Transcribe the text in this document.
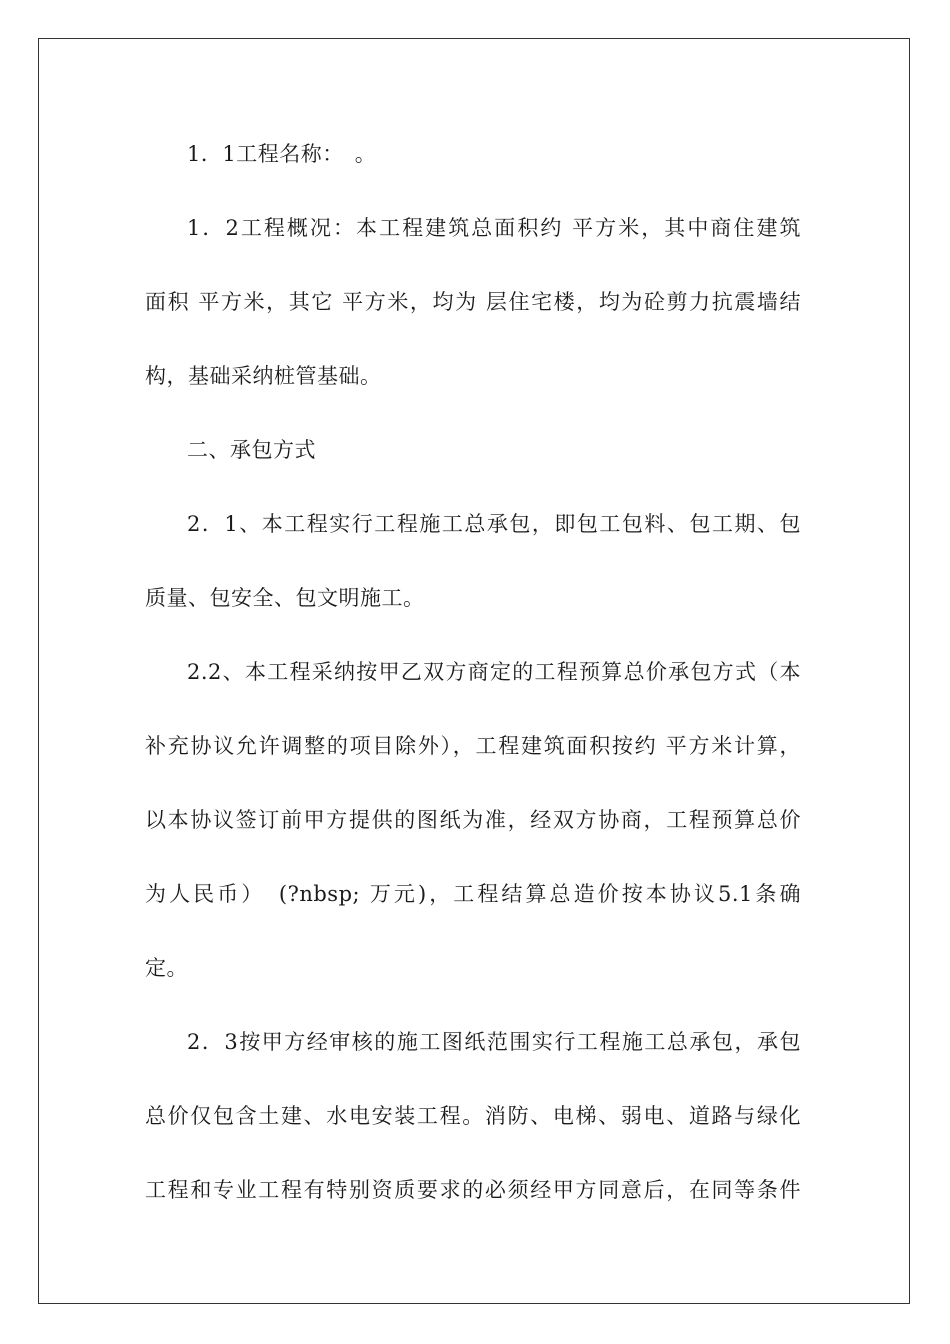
1．1工程名称：　。
1．2工程概况：本工程建筑总面积约 平方米，其中商住建筑
面积 平方米，其它 平方米，均为 层住宅楼，均为砼剪力抗震墙结
构，基础采纳桩管基础。
二、承包方式
2．1、本工程实行工程施工总承包，即包工包料、包工期、包
质量、包安全、包文明施工。
2.2、本工程采纳按甲乙双方商定的工程预算总价承包方式（本
补充协议允许调整的项目除外），工程建筑面积按约 平方米计算，
以本协议签订前甲方提供的图纸为准，经双方协商，工程预算总价
为人民币）　(?nbsp; 万元)，工程结算总造价按本协议5.1条确
定。
2．3按甲方经审核的施工图纸范围实行工程施工总承包，承包
总价仅包含土建、水电安装工程。消防、电梯、弱电、道路与绿化
工程和专业工程有特别资质要求的必须经甲方同意后，在同等条件
